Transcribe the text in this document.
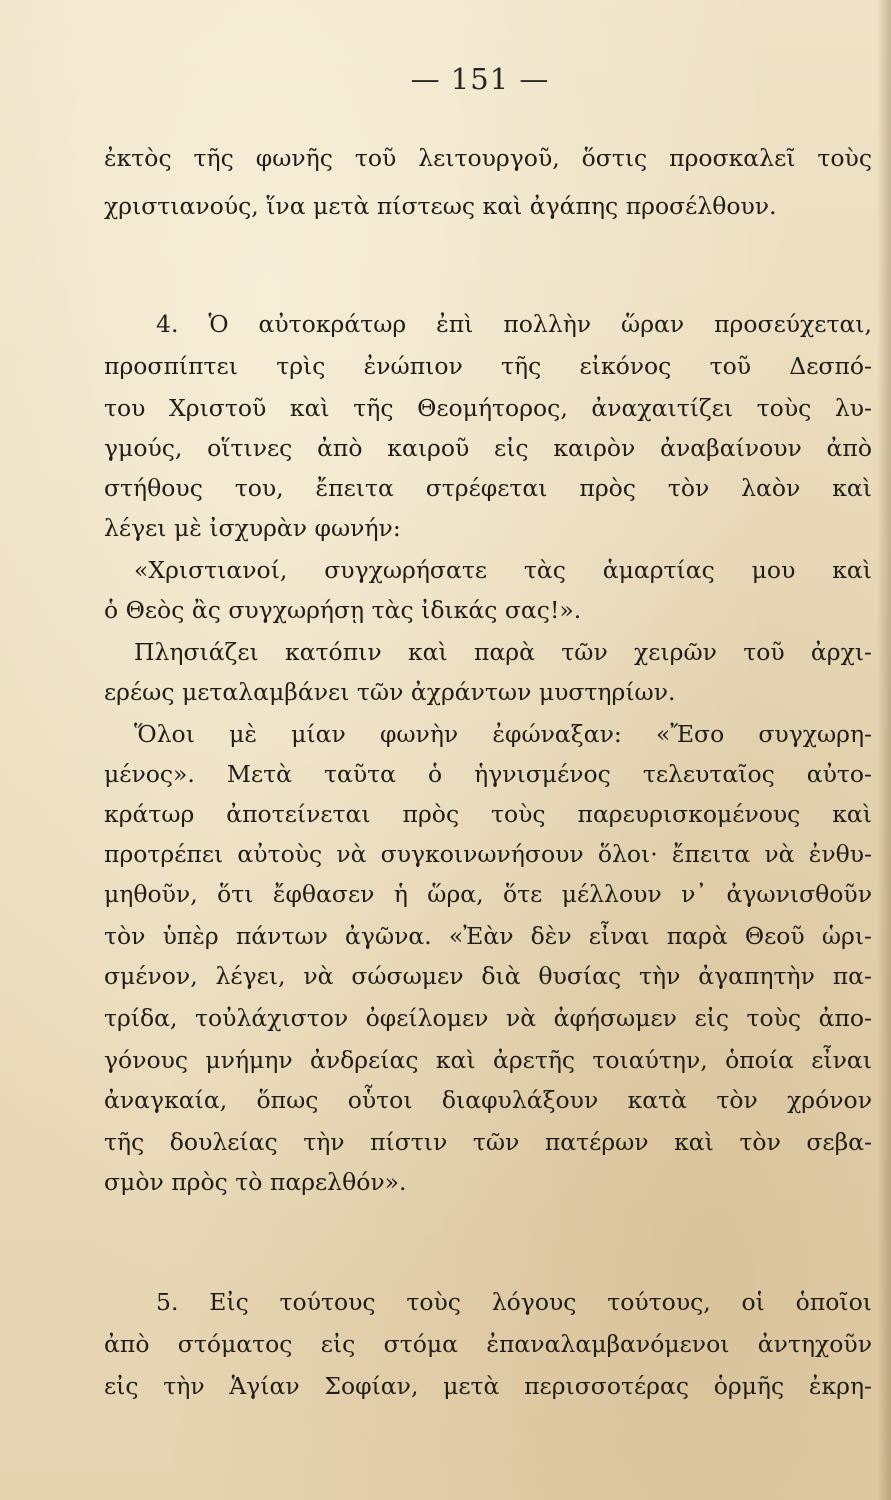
— 151 —
ἐκτὸς τῆς φωνῆς τοῦ λειτουργοῦ, ὅστις προσκαλεῖ τοὺς
χριστιανούς, ἵνα μετὰ πίστεως καὶ ἀγάπης προσέλθουν.
4. Ὁ αὐτοκράτωρ ἐπὶ πολλὴν ὥραν προσεύχεται,
προσπίπτει τρὶς ἐνώπιον τῆς εἰκόνος τοῦ Δεσπό-
του Χριστοῦ καὶ τῆς Θεομήτορος, ἀναχαιτίζει τοὺς λυ-
γμούς, οἵτινες ἀπὸ καιροῦ εἰς καιρὸν ἀναβαίνουν ἀπὸ
στήθους του, ἔπειτα στρέφεται πρὸς τὸν λαὸν καὶ
λέγει μὲ ἰσχυρὰν φωνήν:
«Χριστιανοί, συγχωρήσατε τὰς ἁμαρτίας μου καὶ
ὁ Θεὸς ἂς συγχωρήσῃ τὰς ἰδικάς σας!».
Πλησιάζει κατόπιν καὶ παρὰ τῶν χειρῶν τοῦ ἀρχι-
ερέως μεταλαμβάνει τῶν ἀχράντων μυστηρίων.
Ὅλοι μὲ μίαν φωνὴν ἐφώναξαν: «Ἔσο συγχωρη-
μένος». Μετὰ ταῦτα ὁ ἡγνισμένος τελευταῖος αὐτο-
κράτωρ ἀποτείνεται πρὸς τοὺς παρευρισκομένους καὶ
προτρέπει αὐτοὺς νὰ συγκοινωνήσουν ὅλοι· ἔπειτα νὰ ἐνθυ-
μηθοῦν, ὅτι ἔφθασεν ἡ ὥρα, ὅτε μέλλουν ν᾽ ἀγωνισθοῦν
τὸν ὑπὲρ πάντων ἀγῶνα. «Ἐὰν δὲν εἶναι παρὰ Θεοῦ ὡρι-
σμένον, λέγει, νὰ σώσωμεν διὰ θυσίας τὴν ἀγαπητὴν πα-
τρίδα, τοὐλάχιστον ὀφείλομεν νὰ ἀφήσωμεν εἰς τοὺς ἀπο-
γόνους μνήμην ἀνδρείας καὶ ἀρετῆς τοιαύτην, ὁποία εἶναι
ἀναγκαία, ὅπως οὗτοι διαφυλάξουν κατὰ τὸν χρόνον
τῆς δουλείας τὴν πίστιν τῶν πατέρων καὶ τὸν σεβα-
σμὸν πρὸς τὸ παρελθόν».
5. Εἰς τούτους τοὺς λόγους τούτους, οἱ ὁποῖοι
ἀπὸ στόματος εἰς στόμα ἐπαναλαμβανόμενοι ἀντηχοῦν
εἰς τὴν Ἁγίαν Σοφίαν, μετὰ περισσοτέρας ὁρμῆς ἐκρη-
